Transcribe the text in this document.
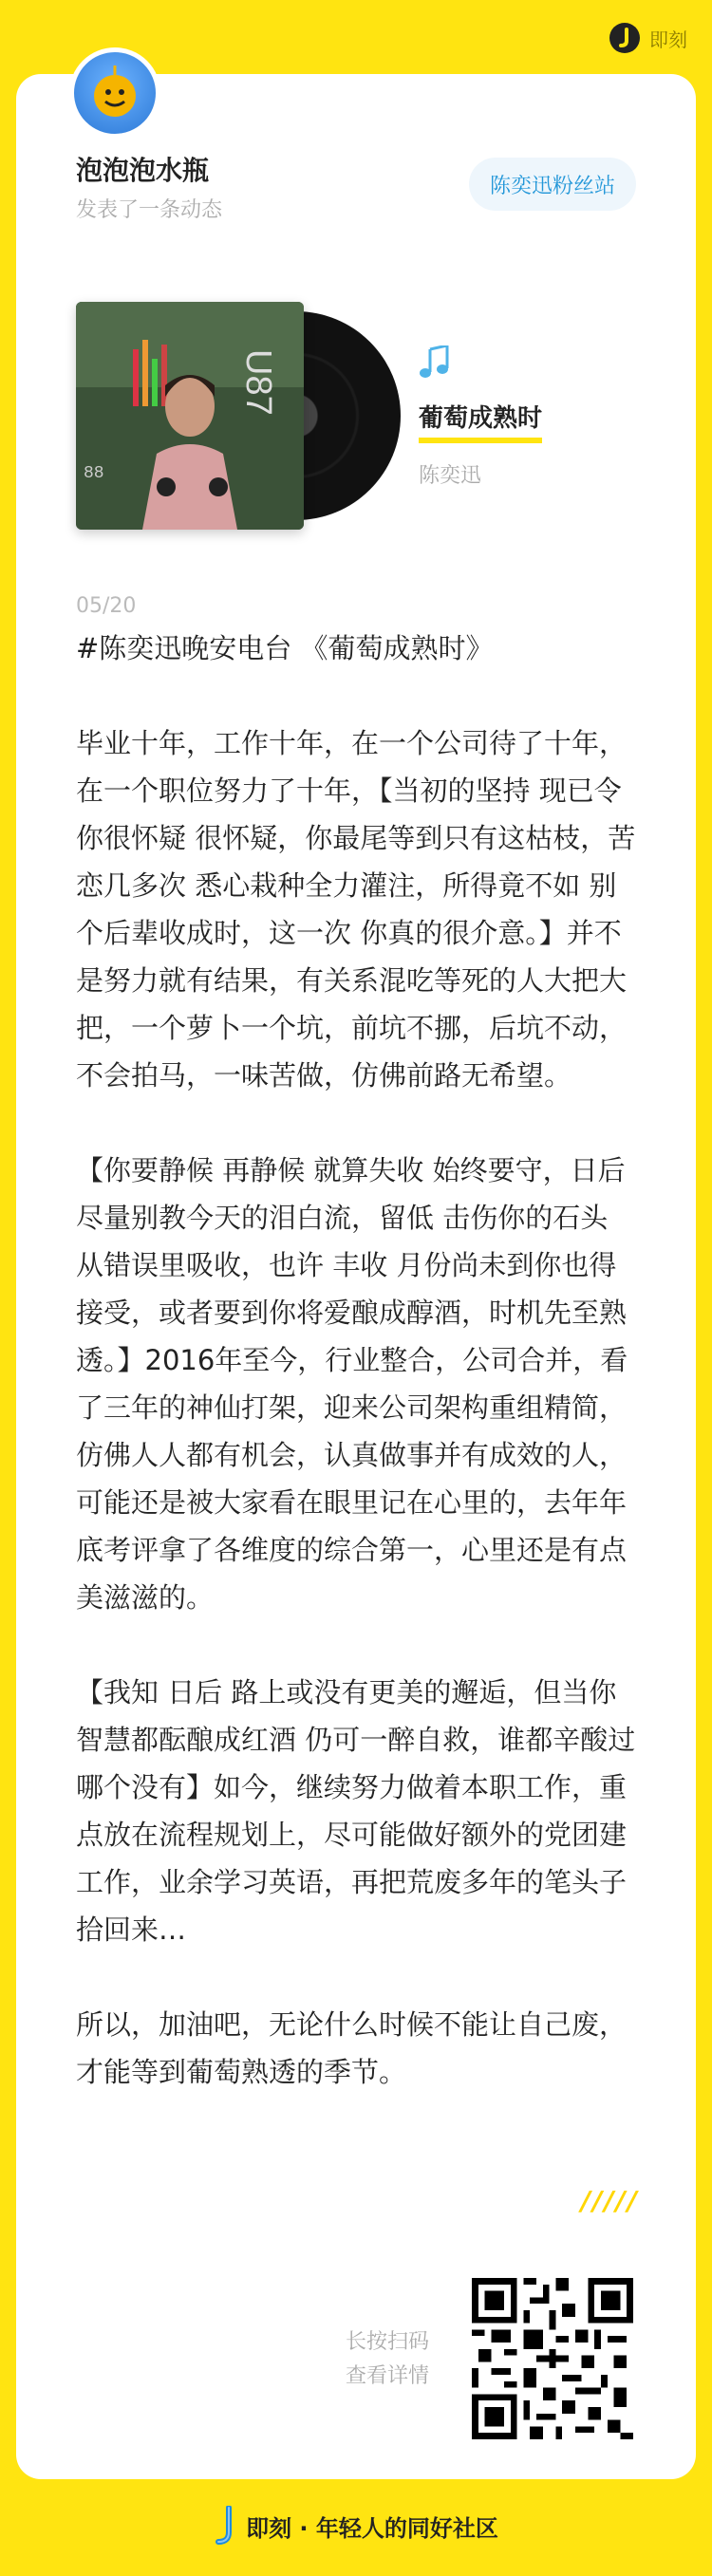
即刻
泡泡泡水瓶
发表了一条动态
陈奕迅粉丝站
88
U87
葡萄成熟时
陈奕迅
05/20

#陈奕迅晚安电台 《葡萄成熟时》

毕业十年，工作十年，在一个公司待了十年，在一个职位努力了十年，【当初的坚持 现已令你很怀疑 很怀疑，你最尾等到只有这枯枝，苦恋几多次 悉心栽种全力灌注，所得竟不如 别个后辈收成时，这一次 你真的很介意。】并不是努力就有结果，有关系混吃等死的人大把大把，一个萝卜一个坑，前坑不挪，后坑不动，不会拍马，一味苦做，仿佛前路无希望。

【你要静候 再静候 就算失收 始终要守，日后 尽量别教今天的泪白流，留低 击伤你的石头 从错误里吸收，也许 丰收 月份尚未到你也得接受，或者要到你将爱酿成醇酒，时机先至熟透。】2016年至今，行业整合，公司合并，看了三年的神仙打架，迎来公司架构重组精简，仿佛人人都有机会，认真做事并有成效的人，可能还是被大家看在眼里记在心里的，去年年底考评拿了各维度的综合第一，心里还是有点美滋滋的。

【我知 日后 路上或没有更美的邂逅，但当你智慧都酝酿成红酒 仍可一醉自救，谁都辛酸过 哪个没有】如今，继续努力做着本职工作，重点放在流程规划上，尽可能做好额外的党团建工作，业余学习英语，再把荒废多年的笔头子拾回来…

所以，加油吧，无论什么时候不能让自己废，才能等到葡萄熟透的季节。

/////
长按扫码
查看详情
即刻 · 年轻人的同好社区
